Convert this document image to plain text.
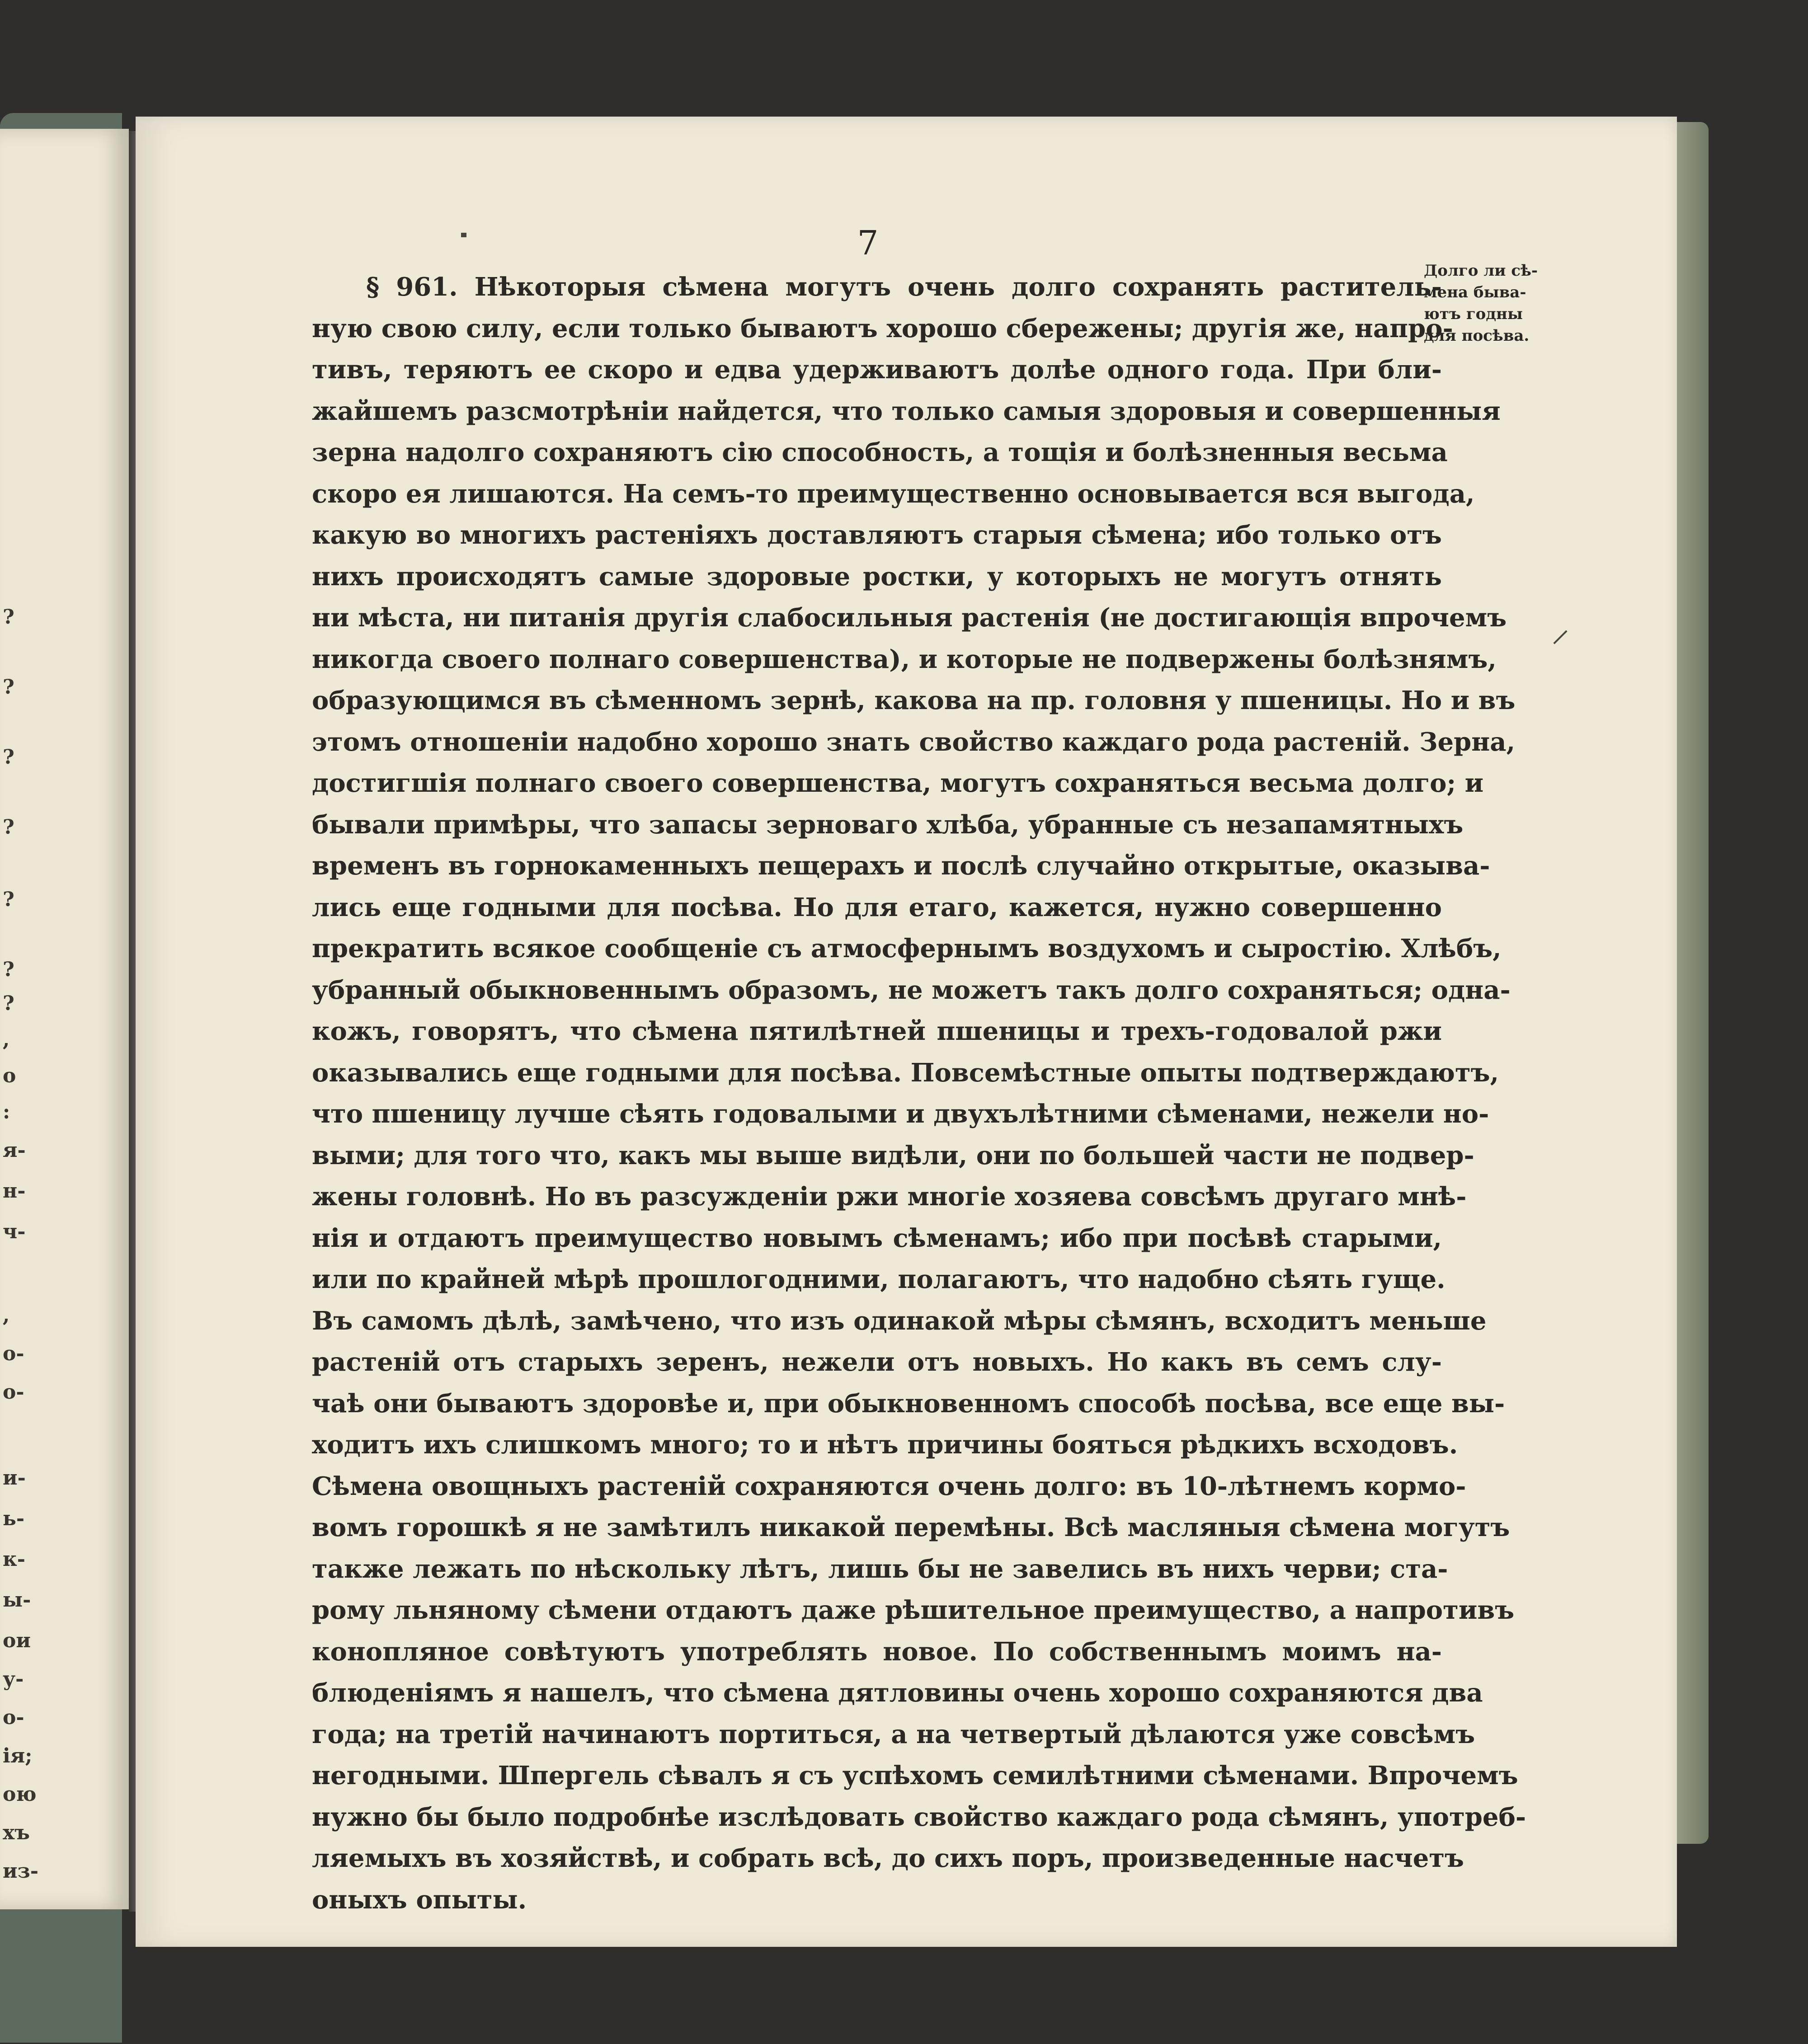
?
?
?
?
?
?
?
,
о
:
я-
н-
ч-
,
о-
о-
и-
ь-
к-
ы-
ои
у-
о-
ія;
ою
хъ
из-
7
Долго ли сѣ-
мена быва-
ютъ годны
для посѣва.
§ 961. Нѣкоторыя сѣмена могутъ очень долго сохранять раститель-
ную свою силу, если только бываютъ хорошо сбережены; другія же, напро-
тивъ, теряютъ ее скоро и едва удерживаютъ долѣе одного года. При бли-
жайшемъ разсмотрѣніи найдется, что только самыя здоровыя и совершенныя
зерна надолго сохраняютъ сію способность, а тощія и болѣзненныя весьма
скоро ея лишаются. На семъ-то преимущественно основывается вся выгода,
какую во многихъ растеніяхъ доставляютъ старыя сѣмена; ибо только отъ
нихъ происходятъ самые здоровые ростки, у которыхъ не могутъ отнять
ни мѣста, ни питанія другія слабосильныя растенія (не достигающія впрочемъ
никогда своего полнаго совершенства), и которые не подвержены болѣзнямъ,
образующимся въ сѣменномъ зернѣ, какова на пр. головня у пшеницы. Но и въ
этомъ отношеніи надобно хорошо знать свойство каждаго рода растеній. Зерна,
достигшія полнаго своего совершенства, могутъ сохраняться весьма долго; и
бывали примѣры, что запасы зерноваго хлѣба, убранные съ незапамятныхъ
временъ въ горнокаменныхъ пещерахъ и послѣ случайно открытые, оказыва-
лись еще годными для посѣва. Но для етаго, кажется, нужно совершенно
прекратить всякое сообщеніе съ атмосфернымъ воздухомъ и сыростію. Хлѣбъ,
убранный обыкновеннымъ образомъ, не можетъ такъ долго сохраняться; одна-
кожъ, говорятъ, что сѣмена пятилѣтней пшеницы и трехъ-годовалой ржи
оказывались еще годными для посѣва. Повсемѣстные опыты подтверждаютъ,
что пшеницу лучше сѣять годовалыми и двухълѣтними сѣменами, нежели но-
выми; для того что, какъ мы выше видѣли, они по большей части не подвер-
жены головнѣ. Но въ разсужденіи ржи многіе хозяева совсѣмъ другаго мнѣ-
нія и отдаютъ преимущество новымъ сѣменамъ; ибо при посѣвѣ старыми,
или по крайней мѣрѣ прошлогодними, полагаютъ, что надобно сѣять гуще.
Въ самомъ дѣлѣ, замѣчено, что изъ одинакой мѣры сѣмянъ, всходитъ меньше
растеній отъ старыхъ зеренъ, нежели отъ новыхъ. Но какъ въ семъ слу-
чаѣ они бываютъ здоровѣе и, при обыкновенномъ способѣ посѣва, все еще вы-
ходитъ ихъ слишкомъ много; то и нѣтъ причины бояться рѣдкихъ всходовъ.
Сѣмена овощныхъ растеній сохраняются очень долго: въ 10-лѣтнемъ кормо-
вомъ горошкѣ я не замѣтилъ никакой перемѣны. Всѣ масляныя сѣмена могутъ
также лежать по нѣскольку лѣтъ, лишь бы не завелись въ нихъ черви; ста-
рому льняному сѣмени отдаютъ даже рѣшительное преимущество, а напротивъ
конопляное совѣтуютъ употреблять новое. По собственнымъ моимъ на-
блюденіямъ я нашелъ, что сѣмена дятловины очень хорошо сохраняются два
года; на третій начинаютъ портиться, а на четвертый дѣлаются уже совсѣмъ
негодными. Шпергель сѣвалъ я съ успѣхомъ семилѣтними сѣменами. Впрочемъ
нужно бы было подробнѣе изслѣдовать свойство каждаго рода сѣмянъ, употреб-
ляемыхъ въ хозяйствѣ, и собрать всѣ, до сихъ поръ, произведенные насчетъ
оныхъ опыты.
